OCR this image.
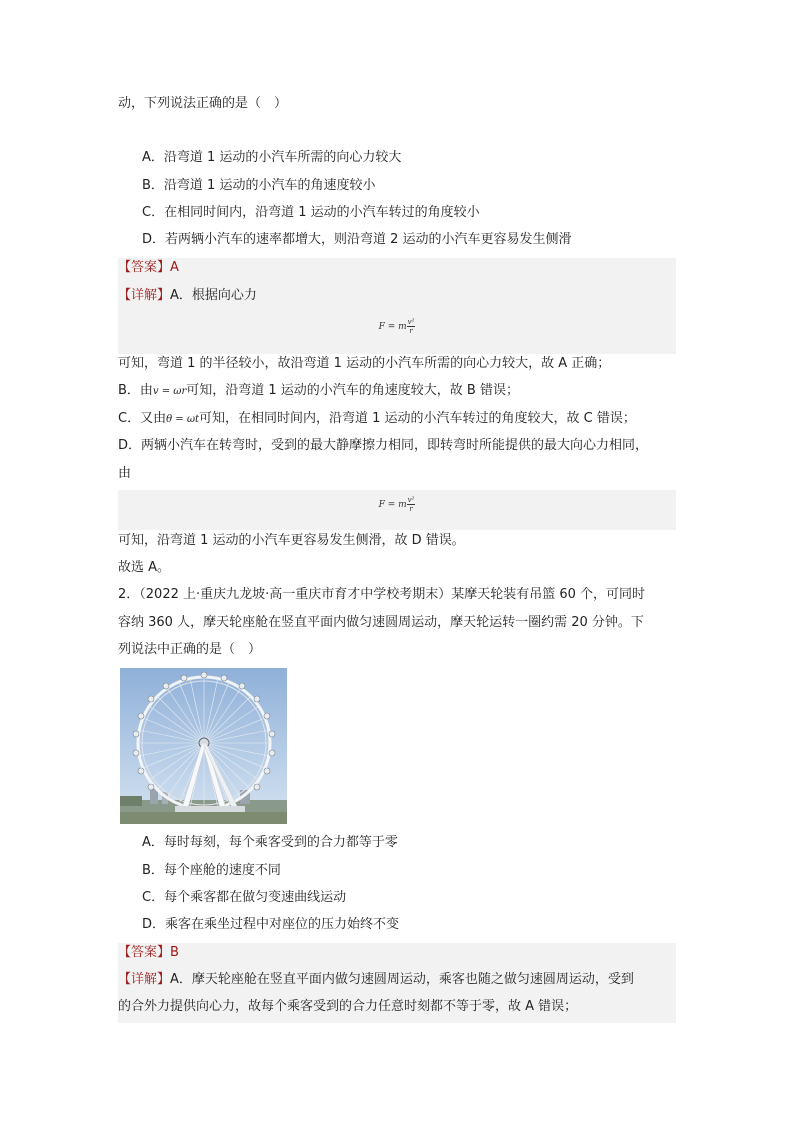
动，下列说法正确的是（　）
A．沿弯道 1 运动的小汽车所需的向心力较大
B．沿弯道 1 运动的小汽车的角速度较小
C．在相同时间内，沿弯道 1 运动的小汽车转过的角度较小
D．若两辆小汽车的速率都增大，则沿弯道 2 运动的小汽车更容易发生侧滑
【答案】A
【详解】A．根据向心力
F = m $\frac{\text{v²}}{r}$
可知，弯道 1 的半径较小，故沿弯道 1 运动的小汽车所需的向心力较大，故 A 正确；
B．由v = ωr可知，沿弯道 1 运动的小汽车的角速度较大，故 B 错误；
C．又由θ = ωt可知，在相同时间内，沿弯道 1 运动的小汽车转过的角度较大，故 C 错误；
D．两辆小汽车在转弯时，受到的最大静摩擦力相同，即转弯时所能提供的最大向心力相同，
由
F = m $\frac{\text{v²}}{r}$
可知，沿弯道 1 运动的小汽车更容易发生侧滑，故 D 错误。
故选 A。
2．（2022 上·重庆九龙坡·高一重庆市育才中学校考期末）某摩天轮装有吊篮 60 个，可同时
容纳 360 人，摩天轮座舱在竖直平面内做匀速圆周运动，摩天轮运转一圈约需 20 分钟。下
列说法中正确的是（　）
A．每时每刻，每个乘客受到的合力都等于零
B．每个座舱的速度不同
C．每个乘客都在做匀变速曲线运动
D．乘客在乘坐过程中对座位的压力始终不变
【答案】B
【详解】A．摩天轮座舱在竖直平面内做匀速圆周运动，乘客也随之做匀速圆周运动，受到
的合外力提供向心力，故每个乘客受到的合力任意时刻都不等于零，故 A 错误；
